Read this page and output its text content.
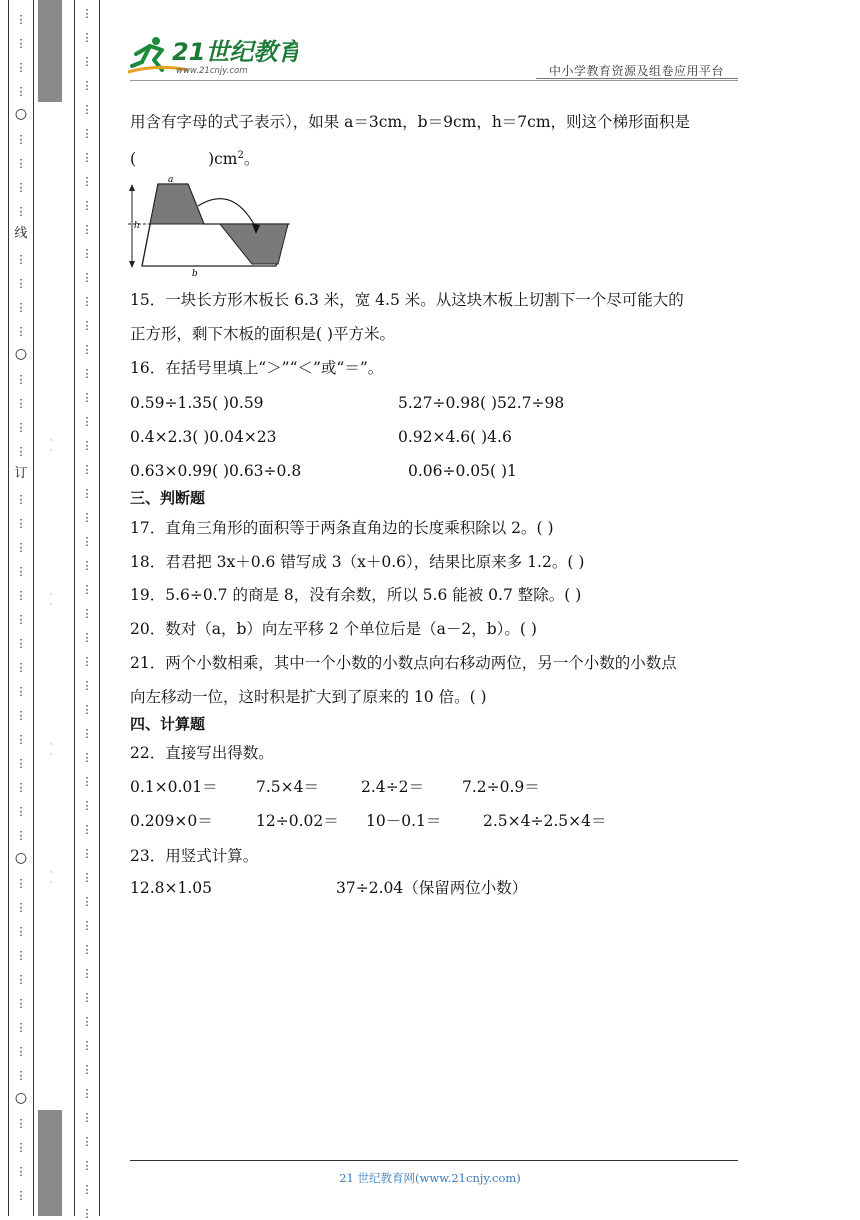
⋮
⋮
⋮
⋮
○
⋮
⋮
⋮
⋮
线
⋮
⋮
⋮
⋮
○
⋮
⋮
⋮
⋮
订
⋮
⋮
⋮
⋮
⋮
⋮
⋮
⋮
⋮
⋮
⋮
⋮
⋮
⋮
⋮
○
⋮
⋮
⋮
⋮
⋮
⋮
⋮
⋮
⋮
○
⋮
⋮
⋮
⋮
⋮
⋮
⋮
⋮
⋮
⋮
⋮
⋮
⋮
⋮
⋮
⋮
⋮
⋮
⋮
⋮
⋮
⋮
⋮
⋮
⋮
⋮
⋮
⋮
⋮
⋮
⋮
⋮
⋮
⋮
⋮
⋮
⋮
⋮
⋮
⋮
⋮
⋮
⋮
⋮
⋮
⋮
⋮
⋮
⋮
⋮
⋮
⋮
⋮
⋮
⋮
21世纪教育
www.21cnjy.com	中小学教育资源及组卷应用平台
用含有字母的式子表示），如果 a＝3cm，b＝9cm，h＝7cm，则这个梯形面积是
(	)$cm^2$。
a
h
b
15．一块长方形木板长 6.3 米，宽 4.5 米。从这块木板上切割下一个尽可能大的
正方形，剩下木板的面积是( )平方米。
16．在括号里填上“＞”“＜”或“＝”。
0.59÷1.35( )0.59	5.27÷0.98( )52.7÷98
0.4×2.3( )0.04×23	0.92×4.6( )4.6
0.63×0.99( )0.63÷0.8	0.06÷0.05( )1
三、判断题
17．直角三角形的面积等于两条直角边的长度乘积除以 2。( )
18．君君把 3x＋0.6 错写成 3（x＋0.6），结果比原来多 1.2。( )
19．5.6÷0.7 的商是 8，没有余数，所以 5.6 能被 0.7 整除。( )
20．数对（a，b）向左平移 2 个单位后是（a－2，b）。( )
21．两个小数相乘，其中一个小数的小数点向右移动两位，另一个小数的小数点
向左移动一位，这时积是扩大到了原来的 10 倍。( )
四、计算题
22．直接写出得数。
0.1×0.01＝ 7.5×4＝	2.4÷2＝ 7.2÷0.9＝
0.209×0＝	12÷0.02＝ 10－0.1＝	2.5×4÷2.5×4＝
23．用竖式计算。
12.8×1.05	37÷2.04（保留两位小数）
21 世纪教育网(www.21cnjy.com)
·
·
·
·
·
·
·
·
